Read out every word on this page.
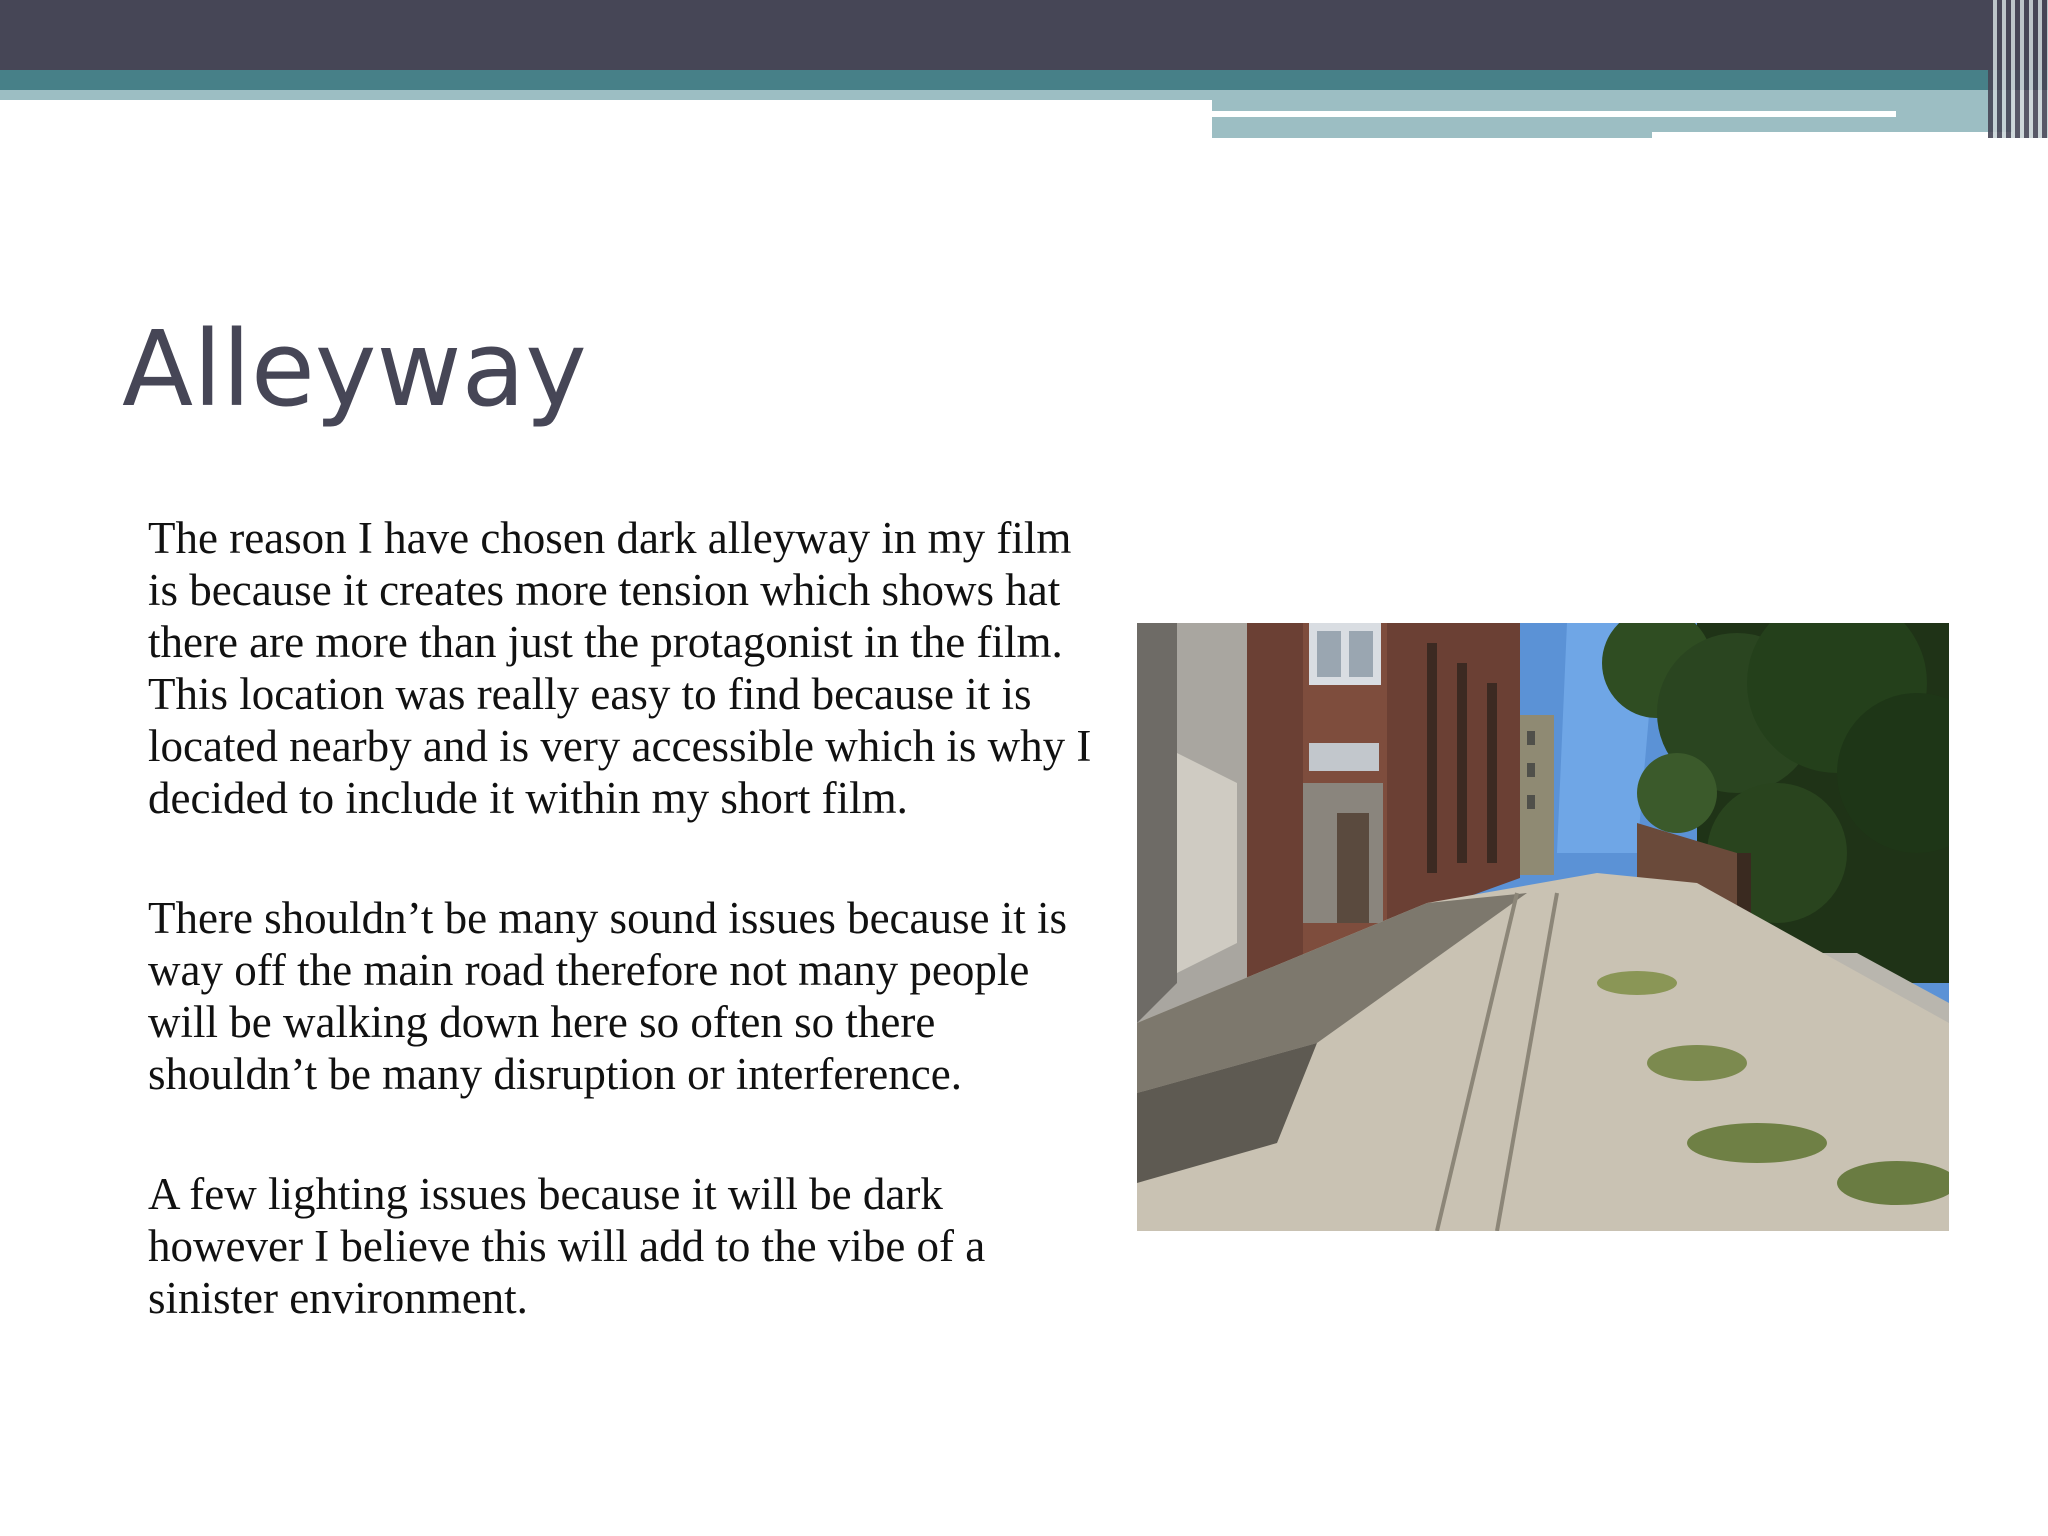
Alleyway

The reason I have chosen dark alleyway in my film is because it creates more tension which shows hat there are more than just the protagonist in the film. This location was really easy to find because it is located nearby and is very accessible which is why I decided to include it within my short film.

There shouldn’t be many sound issues because it is way off the main road therefore not many people will be walking down here so often so there shouldn’t be many disruption or interference.

A few lighting issues because it will be dark however I believe this will add to the vibe of a sinister environment.
